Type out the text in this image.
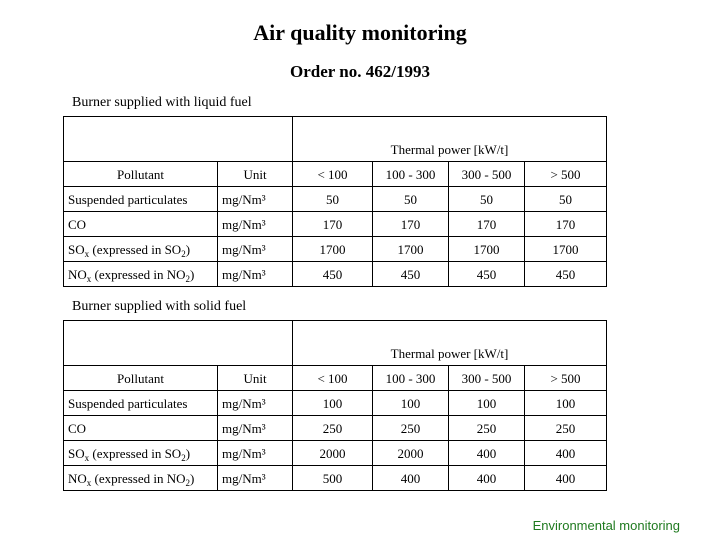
Air quality monitoring
Order no. 462/1993
Burner supplied with liquid fuel
		Thermal power [kW/t]			
Pollutant	Unit	< 100	100 - 300	300 - 500	> 500
Suspended particulates	mg/Nm³	50	50	50	50
CO	mg/Nm³	170	170	170	170
$SO_x$ (expressed in $SO_2$)	mg/Nm³	1700	1700	1700	1700
$NO_x$ (expressed in $NO_2$)	mg/Nm³	450	450	450	450
Burner supplied with solid fuel
		Thermal power [kW/t]			
Pollutant	Unit	< 100	100 - 300	300 - 500	> 500
Suspended particulates	mg/Nm³	100	100	100	100
CO	mg/Nm³	250	250	250	250
$SO_x$ (expressed in $SO_2$)	mg/Nm³	2000	2000	400	400
$NO_x$ (expressed in $NO_2$)	mg/Nm³	500	400	400	400
Environmental monitoring
